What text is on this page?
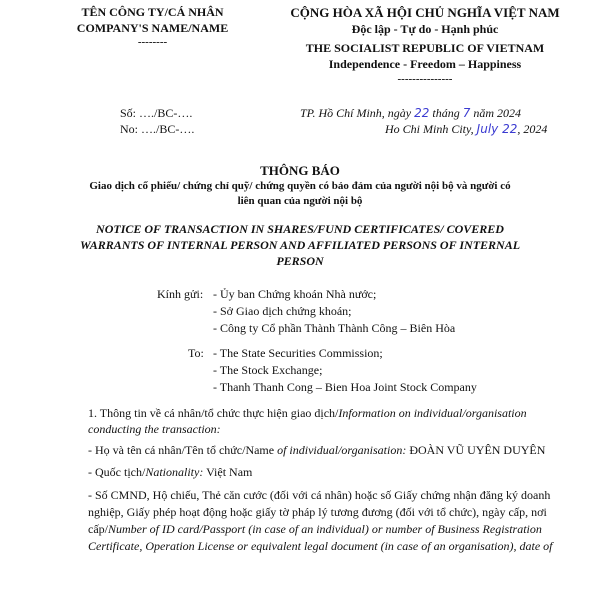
TÊN CÔNG TY/CÁ NHÂN
COMPANY'S NAME/NAME
--------
CỘNG HÒA XÃ HỘI CHỦ NGHĨA VIỆT NAM
Độc lập - Tự do - Hạnh phúc
THE SOCIALIST REPUBLIC OF VIETNAM
Independence - Freedom – Happiness
---------------
Số: …./BC-….
No: …./BC-….
TP. Hồ Chí Minh, ngày 22 tháng 7 năm 2024
Ho Chi Minh City, July 22, 2024
THÔNG BÁO
Giao dịch cổ phiếu/ chứng chỉ quỹ/ chứng quyền có bảo đảm của người nội bộ và người có
liên quan của người nội bộ
NOTICE OF TRANSACTION IN SHARES/FUND CERTIFICATES/ COVERED
WARRANTS OF INTERNAL PERSON AND AFFILIATED PERSONS OF INTERNAL
PERSON
Kính gửi: - Ủy ban Chứng khoán Nhà nước;
- Sở Giao dịch chứng khoán;
- Công ty Cổ phần Thành Thành Công – Biên Hòa
To: - The State Securities Commission;
- The Stock Exchange;
- Thanh Thanh Cong – Bien Hoa Joint Stock Company
1. Thông tin về cá nhân/tổ chức thực hiện giao dịch/Information on individual/organisation
conducting the transaction:
- Họ và tên cá nhân/Tên tổ chức/Name of individual/organisation: ĐOÀN VŨ UYÊN DUYÊN
- Quốc tịch/Nationality: Việt Nam
- Số CMND, Hộ chiếu, Thẻ căn cước (đối với cá nhân) hoặc số Giấy chứng nhận đăng ký doanh
nghiệp, Giấy phép hoạt động hoặc giấy tờ pháp lý tương đương (đối với tổ chức), ngày cấp, nơi
cấp/Number of ID card/Passport (in case of an individual) or number of Business Registration
Certificate, Operation License or equivalent legal document (in case of an organisation), date of
